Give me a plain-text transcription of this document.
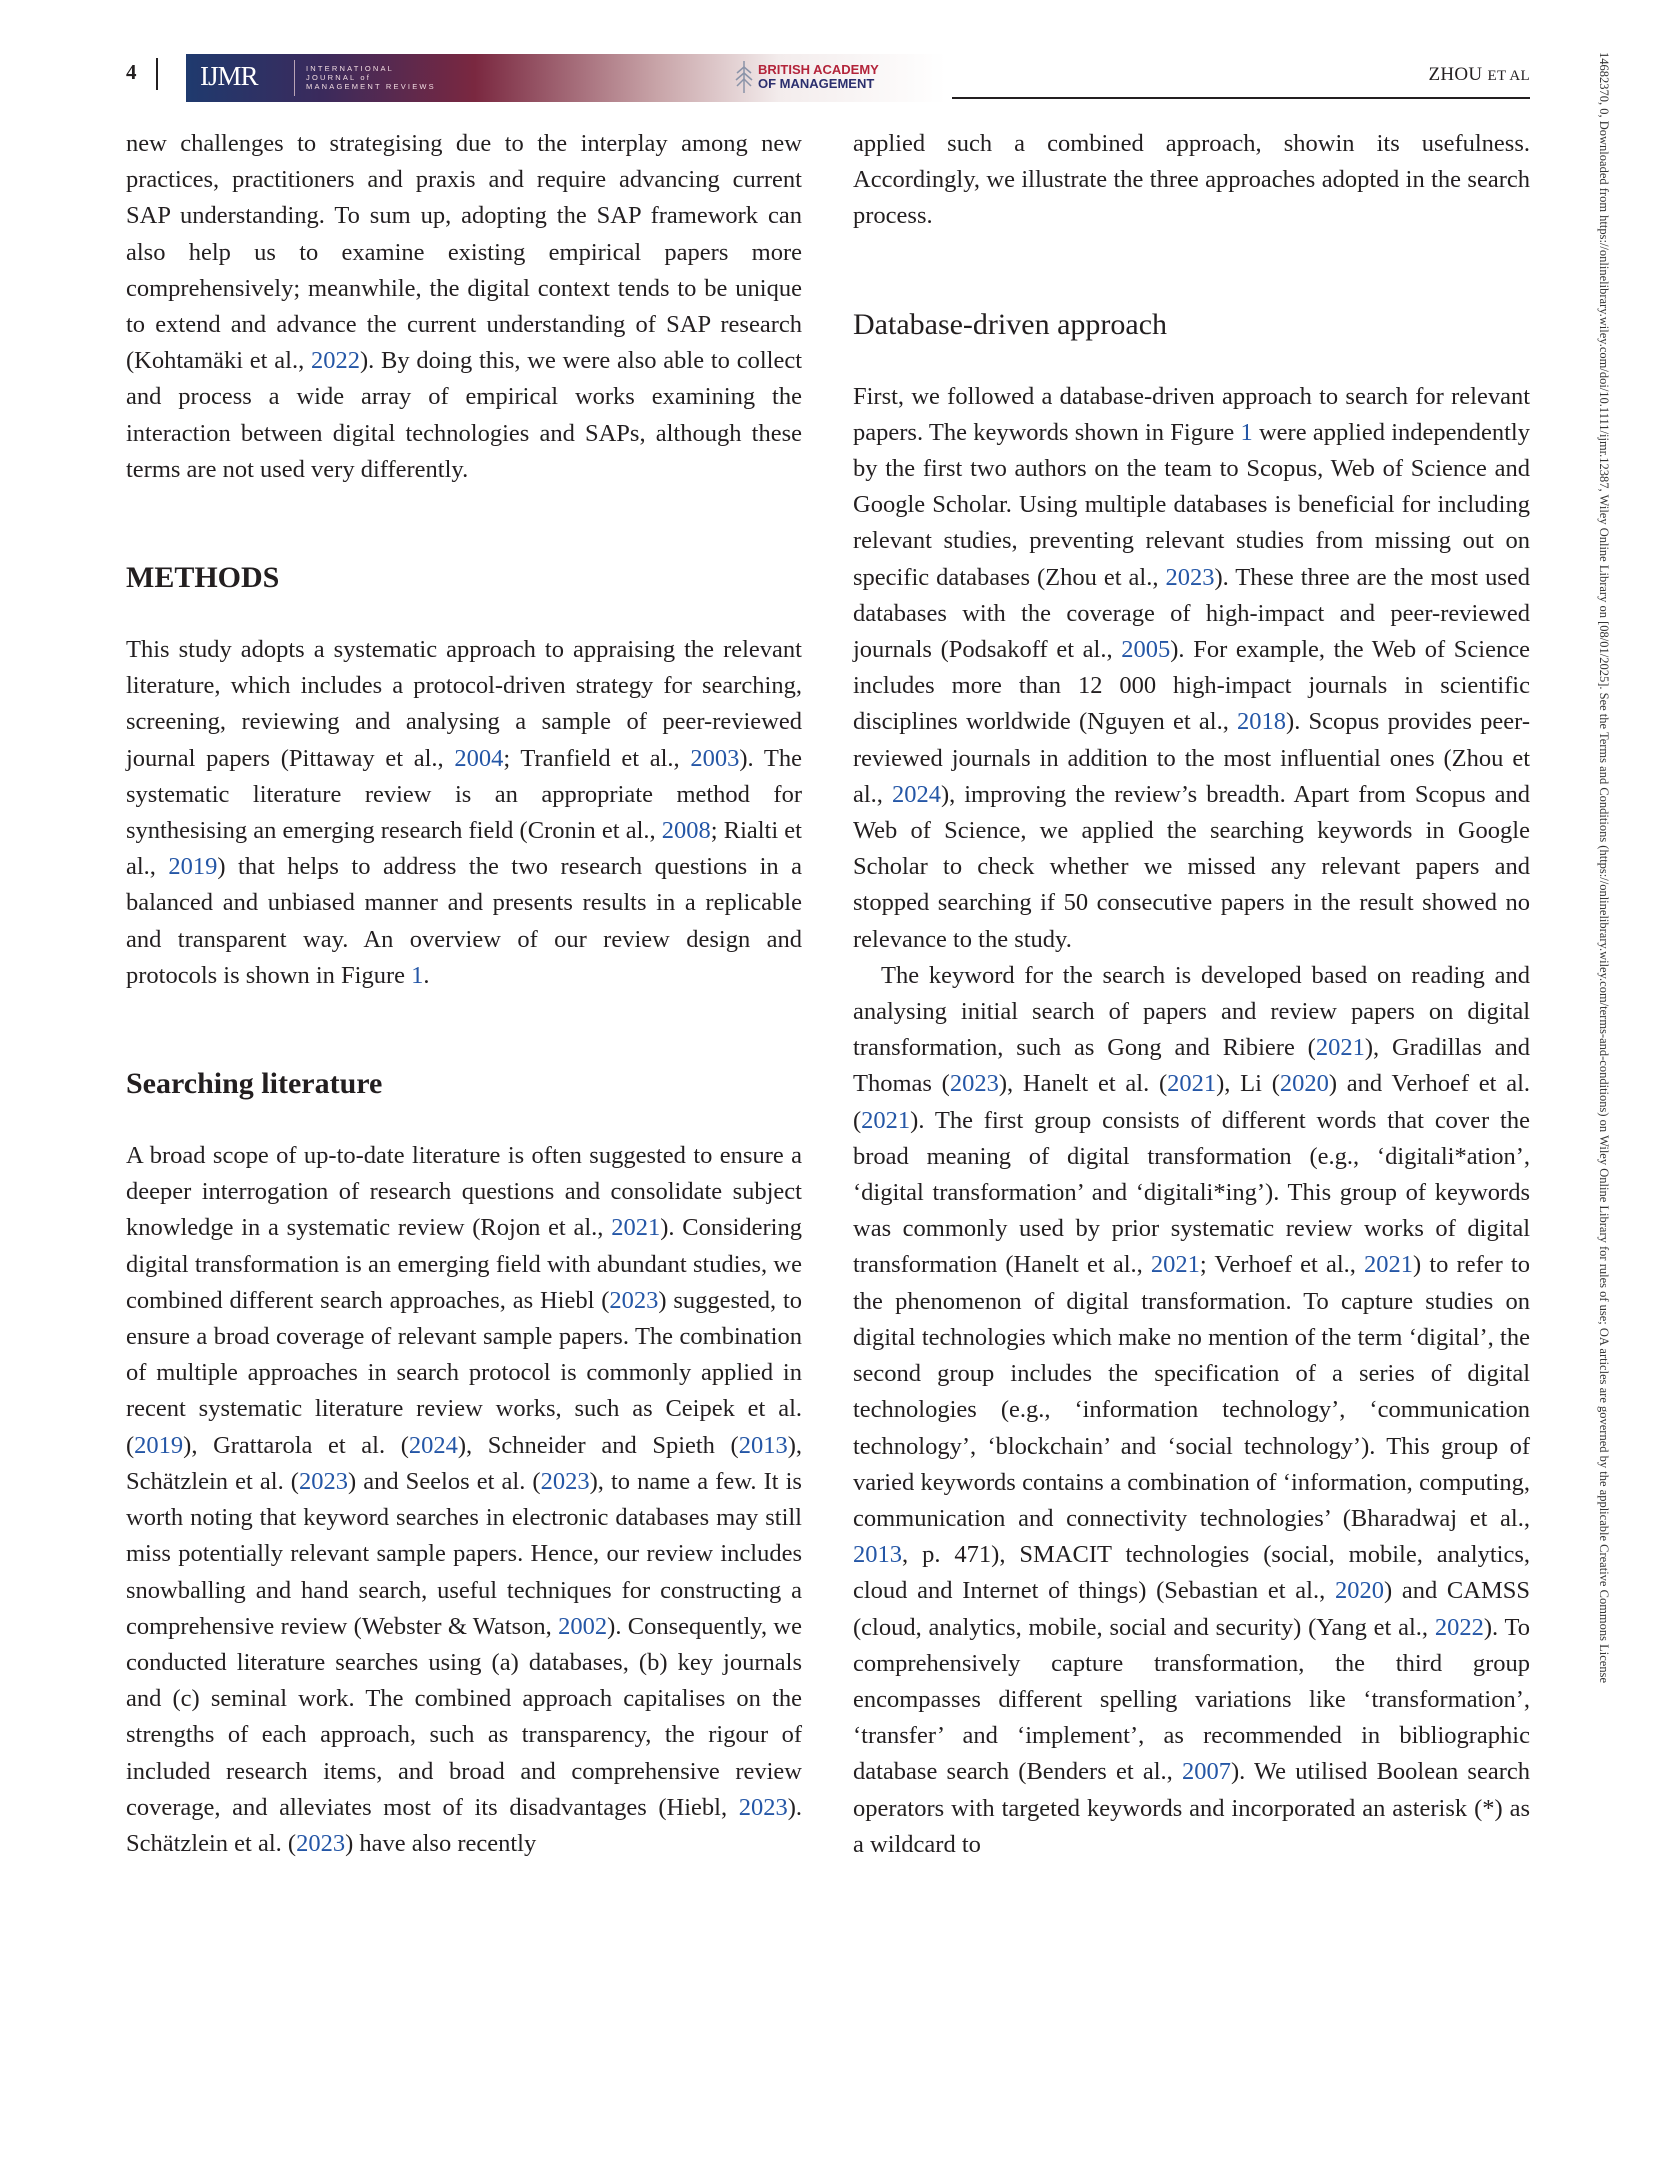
4 IJMR	INTERNATIONAL
JOURNAL of
MANAGEMENT REVIEWS
BRITISH ACADEMY
OF MANAGEMENT	ZHOU ET AL	14682370, 0, Downloaded from https://onlinelibrary.wiley.com/doi/10.1111/ijmr.12387, Wiley Online Library on [08/01/2025]. See the Terms and Conditions (https://onlinelibrary.wiley.com/terms-and-conditions) on Wiley Online Library for rules of use; OA articles are governed by the applicable Creative Commons License

new challenges to strategising due to the interplay among new practices, practitioners and praxis and require advancing current SAP understanding. To sum up, adopting the SAP framework can also help us to examine existing empirical papers more comprehensively; meanwhile, the digital context tends to be unique to extend and advance the current understanding of SAP research (Kohtamäki et al., 2022). By doing this, we were also able to collect and process a wide array of empirical works examining the interaction between digital technologies and SAPs, although these terms are not used very differently.

METHODS

This study adopts a systematic approach to appraising the relevant literature, which includes a protocol-driven strategy for searching, screening, reviewing and analysing a sample of peer-reviewed journal papers (Pittaway et al., 2004; Tranfield et al., 2003). The systematic literature review is an appropriate method for synthesising an emerging research field (Cronin et al., 2008; Rialti et al., 2019) that helps to address the two research questions in a balanced and unbiased manner and presents results in a replicable and transparent way. An overview of our review design and protocols is shown in Figure 1.

Searching literature

A broad scope of up-to-date literature is often suggested to ensure a deeper interrogation of research questions and consolidate subject knowledge in a systematic review (Rojon et al., 2021). Considering digital transformation is an emerging field with abundant studies, we combined different search approaches, as Hiebl (2023) suggested, to ensure a broad coverage of relevant sample papers. The combination of multiple approaches in search protocol is commonly applied in recent systematic literature review works, such as Ceipek et al. (2019), Grattarola et al. (2024), Schneider and Spieth (2013), Schätzlein et al. (2023) and Seelos et al. (2023), to name a few. It is worth noting that keyword searches in electronic databases may still miss potentially relevant sample papers. Hence, our review includes snowballing and hand search, useful techniques for constructing a comprehensive review (Webster & Watson, 2002). Consequently, we conducted literature searches using (a) databases, (b) key journals and (c) seminal work. The combined approach capitalises on the strengths of each approach, such as transparency, the rigour of included research items, and broad and comprehensive review coverage, and alleviates most of its disadvantages (Hiebl, 2023). Schätzlein et al. (2023) have also recently

applied such a combined approach, showin its usefulness. Accordingly, we illustrate the three approaches adopted in the search process.

Database-driven approach

First, we followed a database-driven approach to search for relevant papers. The keywords shown in Figure 1 were applied independently by the first two authors on the team to Scopus, Web of Science and Google Scholar. Using multiple databases is beneficial for including relevant studies, preventing relevant studies from missing out on specific databases (Zhou et al., 2023). These three are the most used databases with the coverage of high-impact and peer-reviewed journals (Podsakoff et al., 2005). For example, the Web of Science includes more than 12 000 high-impact journals in scientific disciplines worldwide (Nguyen et al., 2018). Scopus provides peer-reviewed journals in addition to the most influential ones (Zhou et al., 2024), improving the review’s breadth. Apart from Scopus and Web of Science, we applied the searching keywords in Google Scholar to check whether we missed any relevant papers and stopped searching if 50 consecutive papers in the result showed no relevance to the study.

The keyword for the search is developed based on reading and analysing initial search of papers and review papers on digital transformation, such as Gong and Ribiere (2021), Gradillas and Thomas (2023), Hanelt et al. (2021), Li (2020) and Verhoef et al. (2021). The first group consists of different words that cover the broad meaning of digital transformation (e.g., ‘digitali*ation’, ‘digital transformation’ and ‘digitali*ing’). This group of keywords was commonly used by prior systematic review works of digital transformation (Hanelt et al., 2021; Verhoef et al., 2021) to refer to the phenomenon of digital transformation. To capture studies on digital technologies which make no mention of the term ‘digital’, the second group includes the specification of a series of digital technologies (e.g., ‘information technology’, ‘communication technology’, ‘blockchain’ and ‘social technology’). This group of varied keywords contains a combination of ‘information, computing, communication and connectivity technologies’ (Bharadwaj et al., 2013, p. 471), SMACIT technologies (social, mobile, analytics, cloud and Internet of things) (Sebastian et al., 2020) and CAMSS (cloud, analytics, mobile, social and security) (Yang et al., 2022). To comprehensively capture transformation, the third group encompasses different spelling variations like ‘transformation’, ‘transfer’ and ‘implement’, as recommended in bibliographic database search (Benders et al., 2007). We utilised Boolean search operators with targeted keywords and incorporated an asterisk (*) as a wildcard to
